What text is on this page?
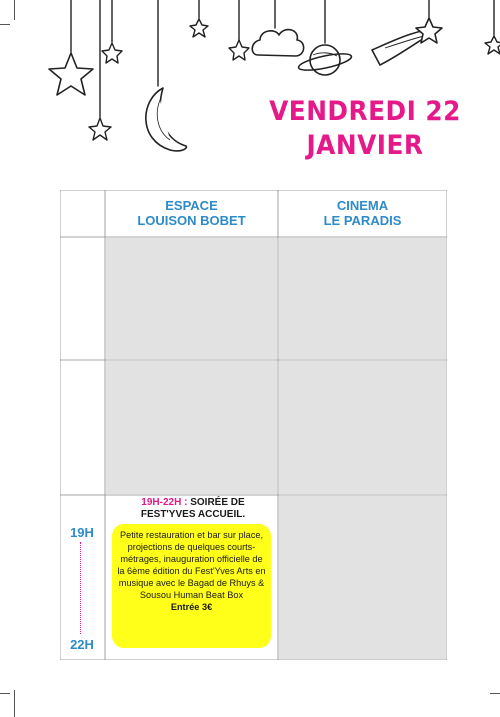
VENDREDI 22
JANVIER
ESPACE
LOUISON BOBET
CINEMA
LE PARADIS
19H
22H
19H-22H : SOIRÉE DE
FEST'YVES ACCUEIL.

Petite restauration et bar sur place, projections de quelques courts-métrages, inauguration officielle de la 6ème édition du Fest'Yves Arts en musique avec le Bagad de Rhuys & Sousou Human Beat Box

Entrée 3€
